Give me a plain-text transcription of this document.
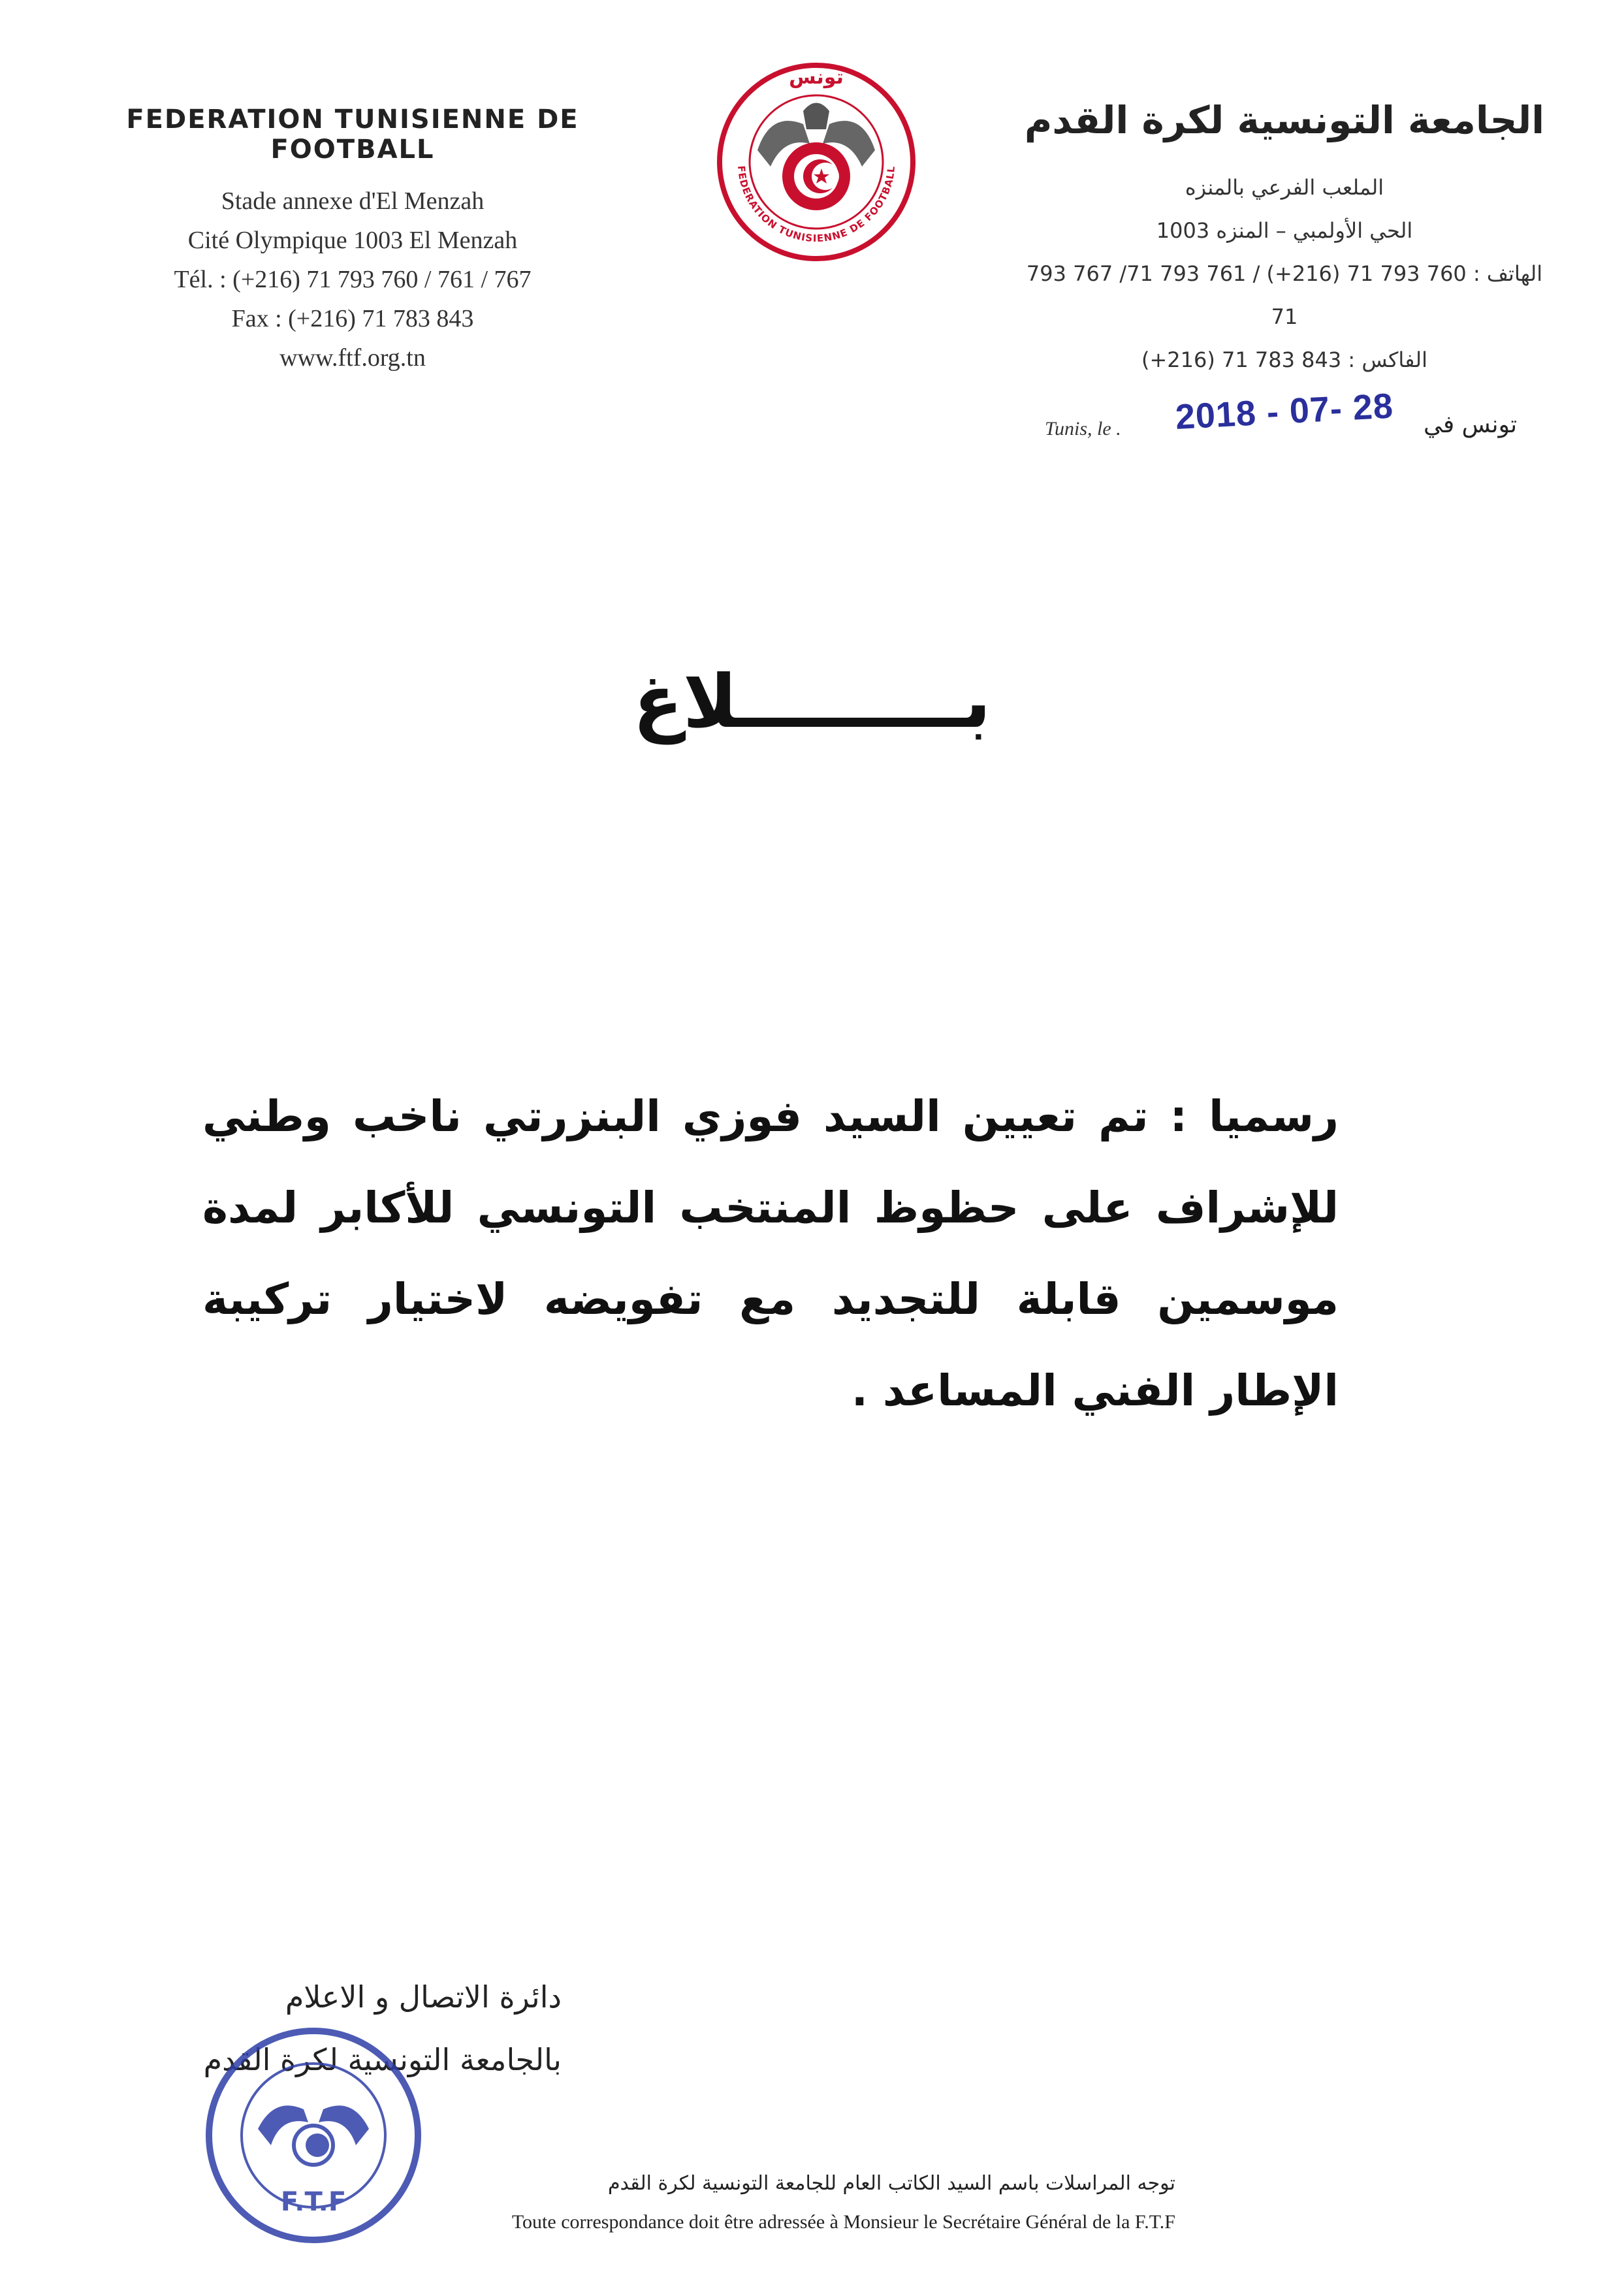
FEDERATION TUNISIENNE DE FOOTBALL
Stade annexe d'El Menzah
Cité Olympique 1003 El Menzah
Tél. : (+216) 71 793 760 / 761 / 767
Fax : (+216) 71 783 843
www.ftf.org.tn
FEDERATION TUNISIENNE DE FOOTBALL
تونس
الجامعة التونسية لكرة القدم
الملعب الفرعي بالمنزه
الحي الأولمبي – المنزه 1003
الهاتف : 760 793 71 (216+) / 761 793 71/ 767 793 71
الفاكس : 843 783 71 (216+)
Tunis, le . 2018 - 07- 28 تونس في
بـــــــــلاغ
رسميا : تم تعيين السيد فوزي البنزرتي ناخب وطني للإشراف على حظوظ المنتخب التونسي للأكابر لمدة موسمين قابلة للتجديد مع تفويضه لاختيار تركيبة الإطار الفني المساعد .
دائرة الاتصال و الاعلام
بالجامعة التونسية لكرة القدم
F.T.F
توجه المراسلات باسم السيد الكاتب العام للجامعة التونسية لكرة القدم
Toute correspondance doit être adressée à Monsieur le Secrétaire Général de la F.T.F
